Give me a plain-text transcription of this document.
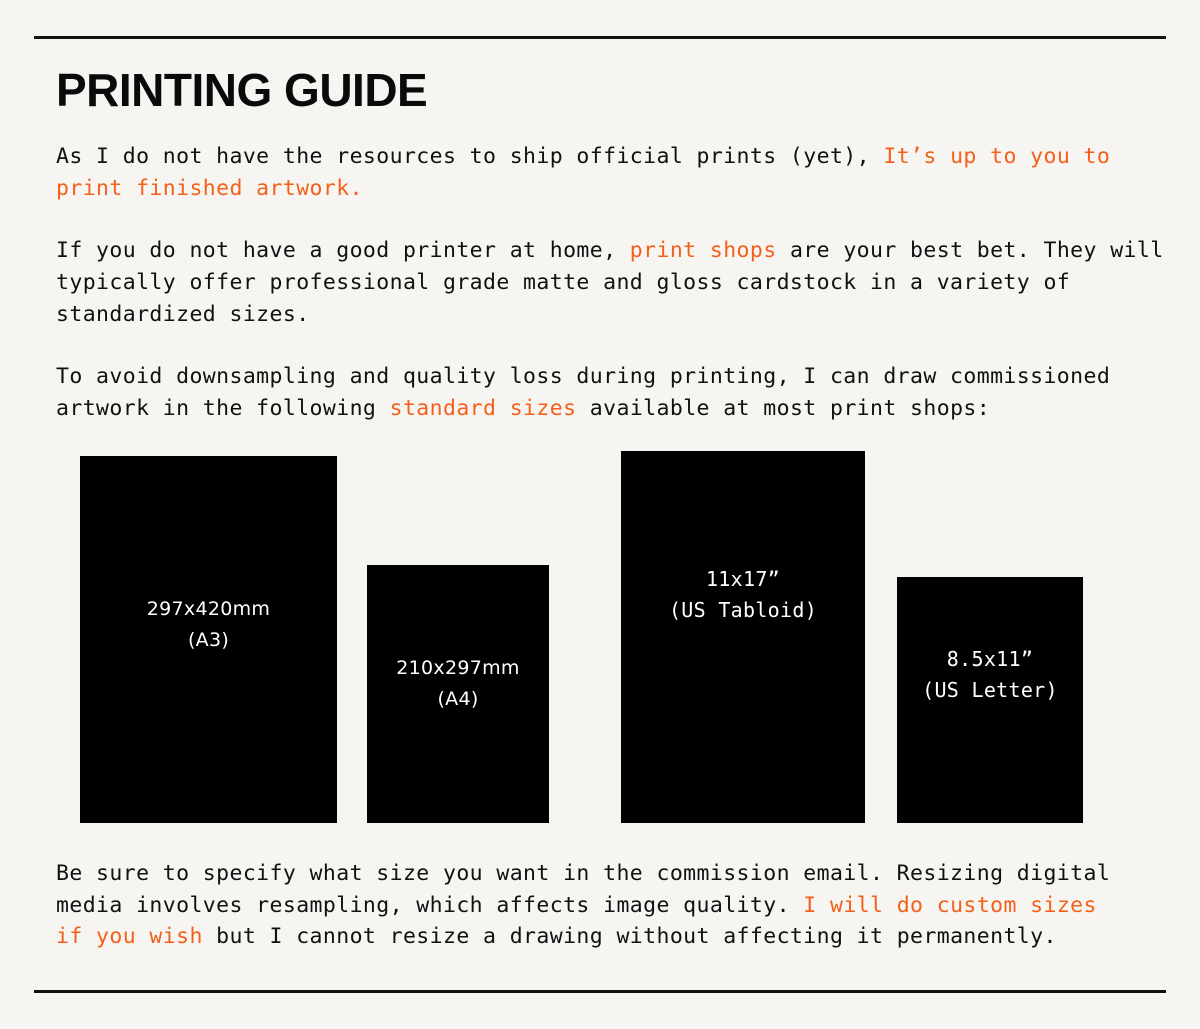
PRINTING GUIDE

As I do not have the resources to ship official prints (yet), It’s up to you to print finished artwork.

If you do not have a good printer at home, print shops are your best bet. They will typically offer professional grade matte and gloss cardstock in a variety of standardized sizes.

To avoid downsampling and quality loss during printing, I can draw commissioned artwork in the following standard sizes available at most print shops:

297x420mm
(A3)
210x297mm
(A4)
11x17”
(US Tabloid)
8.5x11”
(US Letter)

Be sure to specify what size you want in the commission email. Resizing digital media involves resampling, which affects image quality. I will do custom sizes if you wish but I cannot resize a drawing without affecting it permanently.
